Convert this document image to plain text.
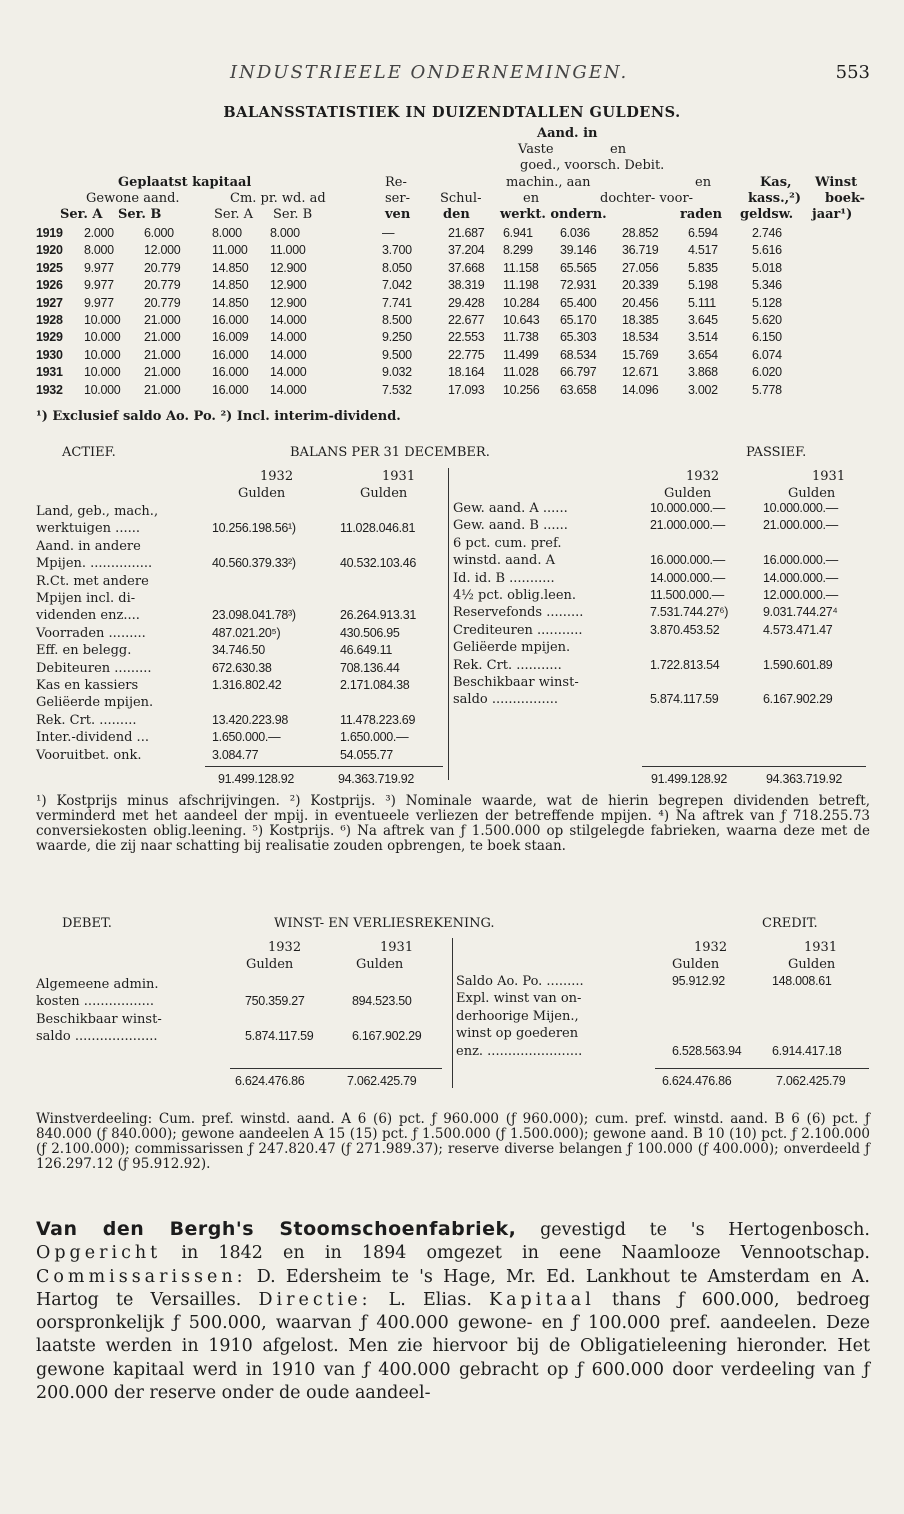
INDUSTRIEELE ONDERNEMINGEN.	553
BALANSSTATISTIEK IN DUIZENDTALLEN GULDENS.
Aand. in
Vaste	en
goed., voorsch. Debit.
Geplaatst kapitaal	Re-	machin., aan	en	Kas, Winst
Gewone aand.	Cm. pr. wd. ad	ser- Schul-	en	dochter- voor-	kass.,²) boek-
Ser. A Ser. B	Ser. A Ser. B	ven	den werkt. ondern.	raden geldsw. jaar¹)
1919 2.000 6.000	8.000 8.000	—	21.687 6.941 6.036	28.852 6.594	2.746
1920 8.000 12.000	11.000 11.000	3.700	37.204 8.299 39.146 36.719 4.517	5.616
1925 9.977 20.779	14.850 12.900	8.050	37.668 11.158 65.565 27.056 5.835	5.018
1926 9.977 20.779	14.850 12.900	7.042	38.319 11.198 72.931 20.339 5.198	5.346
1927 9.977 20.779	14.850 12.900	7.741	29.428 10.284 65.400 20.456 5.111	5.128
1928 10.000 21.000	16.000 14.000	8.500	22.677 10.643 65.170 18.385 3.645	5.620
1929 10.000 21.000	16.009 14.000	9.250	22.553 11.738 65.303 18.534 3.514	6.150
1930 10.000 21.000	16.000 14.000	9.500	22.775 11.499 68.534 15.769 3.654	6.074
1931 10.000 21.000	16.000 14.000	9.032	18.164 11.028 66.797 12.671 3.868	6.020
1932 10.000 21.000	16.000 14.000	7.532	17.093 10.256 63.658 14.096 3.002	5.778
¹) Exclusief saldo Ao. Po. ²) Incl. interim-dividend.
ACTIEF.	BALANS PER 31 DECEMBER.	PASSIEF.
1932	1931
Gulden	Gulden
1932	1931
Gulden	Gulden
Land, geb., mach.,
werktuigen ......	10.256.198.56¹)	11.028.046.81
Aand. in andere
Mpijen. ...............	40.560.379.33²)	40.532.103.46
R.Ct. met andere
Mpijen incl. di-
videnden enz....	23.098.041.78³)	26.264.913.31
Voorraden .........	487.021.20⁵)	430.506.95
Eff. en belegg.	34.746.50	46.649.11
Debiteuren .........	672.630.38	708.136.44
Kas en kassiers	1.316.802.42	2.171.084.38
Geliëerde mpijen.
Rek. Crt. .........	13.420.223.98	11.478.223.69
Inter.-dividend ...	1.650.000.—	1.650.000.—
Vooruitbet. onk.	3.084.77	54.055.77
Gew. aand. A ......	10.000.000.—	10.000.000.—
Gew. aand. B ......	21.000.000.—	21.000.000.—
6 pct. cum. pref.
winstd. aand. A	16.000.000.—	16.000.000.—
Id. id. B ...........	14.000.000.—	14.000.000.—
4½ pct. oblig.leen.	11.500.000.—	12.000.000.—
Reservefonds .........	7.531.744.27⁶)	9.031.744.27⁴
Crediteuren ...........	3.870.453.52	4.573.471.47
Geliëerde mpijen.
Rek. Crt. ...........	1.722.813.54	1.590.601.89
Beschikbaar winst-
saldo ................	5.874.117.59	6.167.902.29
91.499.128.92	94.363.719.92	91.499.128.92	94.363.719.92
¹) Kostprijs minus afschrijvingen. ²) Kostprijs. ³) Nominale waarde, wat de hierin begrepen dividenden betreft, verminderd met het aandeel der mpij. in eventueele verliezen der betreffende mpijen. ⁴) Na aftrek van ƒ 718.255.73 conversiekosten oblig.leening. ⁵) Kostprijs. ⁶) Na aftrek van ƒ 1.500.000 op stilgelegde fabrieken, waarna deze met de waarde, die zij naar schatting bij realisatie zouden opbrengen, te boek staan.
DEBET.	WINST- EN VERLIESREKENING.	CREDIT.
1932	1931
Gulden	Gulden
1932	1931
Gulden	Gulden
Algemeene admin.
kosten .................	750.359.27	894.523.50
Beschikbaar winst-
saldo ....................	5.874.117.59	6.167.902.29
Saldo Ao. Po. .........	95.912.92	148.008.61
Expl. winst van on-
derhoorige Mijen.,
winst op goederen
enz. .......................	6.528.563.94 6.914.417.18
6.624.476.86	7.062.425.79	6.624.476.86	7.062.425.79
Winstverdeeling: Cum. pref. winstd. aand. A 6 (6) pct. ƒ 960.000 (ƒ 960.000); cum. pref. winstd. aand. B 6 (6) pct. ƒ 840.000 (ƒ 840.000); gewone aandeelen A 15 (15) pct. ƒ 1.500.000 (ƒ 1.500.000); gewone aand. B 10 (10) pct. ƒ 2.100.000 (ƒ 2.100.000); commissarissen ƒ 247.820.47 (ƒ 271.989.37); reserve diverse belangen ƒ 100.000 (ƒ 400.000); onverdeeld ƒ 126.297.12 (ƒ 95.912.92).
Van den Bergh's Stoomschoenfabriek, gevestigd te 's Hertogenbosch. Opgericht in 1842 en in 1894 omgezet in eene Naamlooze Vennootschap. Commissarissen: D. Edersheim te 's Hage, Mr. Ed. Lankhout te Amsterdam en A. Hartog te Versailles. Directie: L. Elias. Kapitaal thans ƒ 600.000, bedroeg oorspronkelijk ƒ 500.000, waarvan ƒ 400.000 gewone- en ƒ 100.000 pref. aandeelen. Deze laatste werden in 1910 afgelost. Men zie hiervoor bij de Obligatieleening hieronder. Het gewone kapitaal werd in 1910 van ƒ 400.000 gebracht op ƒ 600.000 door verdeeling van ƒ 200.000 der reserve onder de oude aandeel-
